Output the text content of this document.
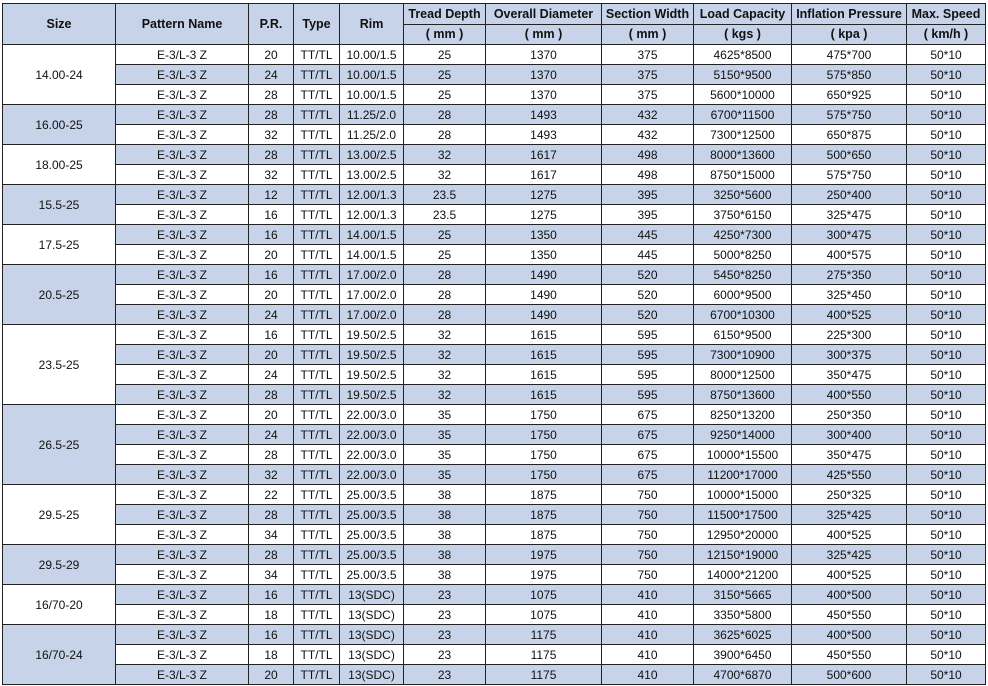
Size	Pattern Name	P.R.	Type	Rim	Tread Depth	Overall Diameter	Section Width	Load Capacity	Inflation Pressure	Max. Speed
					( mm )	( mm )	( mm )	( kgs )	( kpa )	( km/h )
14.00-24	E-3/L-3 Z	20	TT/TL	10.00/1.5	25	1370	375	4625*8500	475*700	50*10
	E-3/L-3 Z	24	TT/TL	10.00/1.5	25	1370	375	5150*9500	575*850	50*10
	E-3/L-3 Z	28	TT/TL	10.00/1.5	25	1370	375	5600*10000	650*925	50*10
16.00-25	E-3/L-3 Z	28	TT/TL	11.25/2.0	28	1493	432	6700*11500	575*750	50*10
	E-3/L-3 Z	32	TT/TL	11.25/2.0	28	1493	432	7300*12500	650*875	50*10
18.00-25	E-3/L-3 Z	28	TT/TL	13.00/2.5	32	1617	498	8000*13600	500*650	50*10
	E-3/L-3 Z	32	TT/TL	13.00/2.5	32	1617	498	8750*15000	575*750	50*10
15.5-25	E-3/L-3 Z	12	TT/TL	12.00/1.3	23.5	1275	395	3250*5600	250*400	50*10
	E-3/L-3 Z	16	TT/TL	12.00/1.3	23.5	1275	395	3750*6150	325*475	50*10
17.5-25	E-3/L-3 Z	16	TT/TL	14.00/1.5	25	1350	445	4250*7300	300*475	50*10
	E-3/L-3 Z	20	TT/TL	14.00/1.5	25	1350	445	5000*8250	400*575	50*10
20.5-25	E-3/L-3 Z	16	TT/TL	17.00/2.0	28	1490	520	5450*8250	275*350	50*10
	E-3/L-3 Z	20	TT/TL	17.00/2.0	28	1490	520	6000*9500	325*450	50*10
	E-3/L-3 Z	24	TT/TL	17.00/2.0	28	1490	520	6700*10300	400*525	50*10
23.5-25	E-3/L-3 Z	16	TT/TL	19.50/2.5	32	1615	595	6150*9500	225*300	50*10
	E-3/L-3 Z	20	TT/TL	19.50/2.5	32	1615	595	7300*10900	300*375	50*10
	E-3/L-3 Z	24	TT/TL	19.50/2.5	32	1615	595	8000*12500	350*475	50*10
	E-3/L-3 Z	28	TT/TL	19.50/2.5	32	1615	595	8750*13600	400*550	50*10
26.5-25	E-3/L-3 Z	20	TT/TL	22.00/3.0	35	1750	675	8250*13200	250*350	50*10
	E-3/L-3 Z	24	TT/TL	22.00/3.0	35	1750	675	9250*14000	300*400	50*10
	E-3/L-3 Z	28	TT/TL	22.00/3.0	35	1750	675	10000*15500	350*475	50*10
	E-3/L-3 Z	32	TT/TL	22.00/3.0	35	1750	675	11200*17000	425*550	50*10
29.5-25	E-3/L-3 Z	22	TT/TL	25.00/3.5	38	1875	750	10000*15000	250*325	50*10
	E-3/L-3 Z	28	TT/TL	25.00/3.5	38	1875	750	11500*17500	325*425	50*10
	E-3/L-3 Z	34	TT/TL	25.00/3.5	38	1875	750	12950*20000	400*525	50*10
29.5-29	E-3/L-3 Z	28	TT/TL	25.00/3.5	38	1975	750	12150*19000	325*425	50*10
	E-3/L-3 Z	34	TT/TL	25.00/3.5	38	1975	750	14000*21200	400*525	50*10
16/70-20	E-3/L-3 Z	16	TT/TL	13(SDC)	23	1075	410	3150*5665	400*500	50*10
	E-3/L-3 Z	18	TT/TL	13(SDC)	23	1075	410	3350*5800	450*550	50*10
16/70-24	E-3/L-3 Z	16	TT/TL	13(SDC)	23	1175	410	3625*6025	400*500	50*10
	E-3/L-3 Z	18	TT/TL	13(SDC)	23	1175	410	3900*6450	450*550	50*10
	E-3/L-3 Z	20	TT/TL	13(SDC)	23	1175	410	4700*6870	500*600	50*10
